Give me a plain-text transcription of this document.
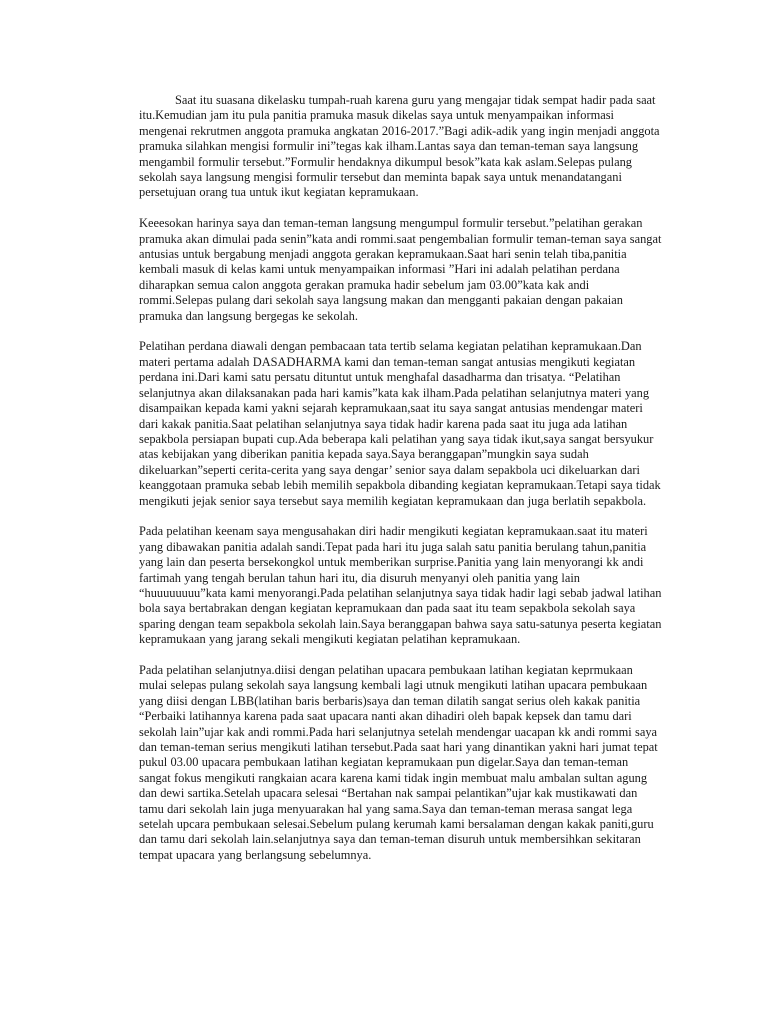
Saat itu suasana dikelasku tumpah-ruah karena guru yang mengajar tidak sempat hadir pada saat itu.Kemudian jam itu pula panitia pramuka masuk dikelas saya untuk menyampaikan informasi mengenai rekrutmen anggota pramuka angkatan 2016-2017.”Bagi adik-adik yang ingin menjadi anggota pramuka silahkan mengisi formulir ini”tegas kak ilham.Lantas saya dan teman-teman saya langsung mengambil formulir tersebut.”Formulir hendaknya dikumpul besok”kata kak aslam.Selepas pulang sekolah saya langsung mengisi formulir tersebut dan meminta bapak saya untuk menandatangani persetujuan orang tua untuk ikut kegiatan kepramukaan.

Keeesokan harinya saya dan teman-teman langsung mengumpul formulir tersebut.”pelatihan gerakan pramuka akan dimulai pada senin”kata andi rommi.saat pengembalian formulir teman-teman saya sangat antusias untuk bergabung menjadi anggota gerakan kepramukaan.Saat hari senin telah tiba,panitia kembali masuk di kelas kami untuk menyampaikan informasi ”Hari ini adalah pelatihan perdana diharapkan semua calon anggota gerakan pramuka hadir sebelum jam 03.00”kata kak andi rommi.Selepas pulang dari sekolah saya langsung makan dan mengganti pakaian dengan pakaian pramuka dan langsung bergegas ke sekolah.

Pelatihan perdana diawali dengan pembacaan tata tertib selama kegiatan pelatihan kepramukaan.Dan materi pertama adalah DASADHARMA kami dan teman-teman sangat antusias mengikuti kegiatan perdana ini.Dari kami satu persatu dituntut untuk menghafal dasadharma dan trisatya. “Pelatihan selanjutnya akan dilaksanakan pada hari kamis”kata kak ilham.Pada pelatihan selanjutnya materi yang disampaikan kepada kami yakni sejarah kepramukaan,saat itu saya sangat antusias mendengar materi dari kakak panitia.Saat pelatihan selanjutnya saya tidak hadir karena pada saat itu juga ada latihan sepakbola persiapan bupati cup.Ada beberapa kali pelatihan yang saya tidak ikut,saya sangat bersyukur atas kebijakan yang diberikan panitia kepada saya.Saya beranggapan”mungkin saya sudah dikeluarkan”seperti cerita-cerita yang saya dengar’ senior saya dalam sepakbola uci dikeluarkan dari keanggotaan pramuka sebab lebih memilih sepakbola dibanding kegiatan kepramukaan.Tetapi saya tidak mengikuti jejak senior saya tersebut saya memilih kegiatan kepramukaan dan juga berlatih sepakbola.

Pada pelatihan keenam saya mengusahakan diri hadir mengikuti kegiatan kepramukaan.saat itu materi yang dibawakan panitia adalah sandi.Tepat pada hari itu juga salah satu panitia berulang tahun,panitia yang lain dan peserta bersekongkol untuk memberikan surprise.Panitia yang lain menyorangi kk andi fartimah yang tengah berulan tahun hari itu, dia disuruh menyanyi oleh panitia yang lain “huuuuuuuu”kata kami menyorangi.Pada pelatihan selanjutnya saya tidak hadir lagi sebab jadwal latihan bola saya bertabrakan dengan kegiatan kepramukaan dan pada saat itu team sepakbola sekolah saya sparing dengan team sepakbola sekolah lain.Saya beranggapan bahwa saya satu-satunya peserta kegiatan kepramukaan yang jarang sekali mengikuti kegiatan pelatihan kepramukaan.

Pada pelatihan selanjutnya.diisi dengan pelatihan upacara pembukaan latihan kegiatan keprmukaan mulai selepas pulang sekolah saya langsung kembali lagi utnuk mengikuti latihan upacara pembukaan yang diisi dengan LBB(latihan baris berbaris)saya dan teman dilatih sangat serius oleh kakak panitia “Perbaiki latihannya karena pada saat upacara nanti akan dihadiri oleh bapak kepsek dan tamu dari sekolah lain”ujar kak andi rommi.Pada hari selanjutnya setelah mendengar uacapan kk andi rommi saya dan teman-teman serius mengikuti latihan tersebut.Pada saat hari yang dinantikan yakni hari jumat tepat pukul 03.00 upacara pembukaan latihan kegiatan kepramukaan pun digelar.Saya dan teman-teman sangat fokus mengikuti rangkaian acara karena kami tidak ingin membuat malu ambalan sultan agung dan dewi sartika.Setelah upacara selesai “Bertahan nak sampai pelantikan”ujar kak mustikawati dan tamu dari sekolah lain juga menyuarakan hal yang sama.Saya dan teman-teman merasa sangat lega setelah upcara pembukaan selesai.Sebelum pulang kerumah kami bersalaman dengan kakak paniti,guru dan tamu dari sekolah lain.selanjutnya saya dan teman-teman disuruh untuk membersihkan sekitaran tempat upacara yang berlangsung sebelumnya.
